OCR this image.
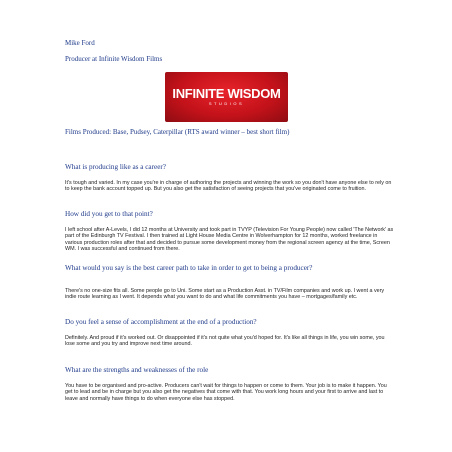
Mike Ford
Producer at Infinite Wisdom Films
INFINITE WISDOM
STUDIOS
Films Produced: Base, Pudsey, Caterpillar (RTS award winner – best short film)
What is producing like as a career?

It's tough and varied. In my case you're in charge of authoring the projects and winning the work so you don't have anyone else to rely on to keep the bank account topped up. But you also get the satisfaction of seeing projects that you've originated come to fruition.

How did you get to that point?

I left school after A-Levels, I did 12 months at University and took part in TVYP (Television For Young People) now called 'The Network' as part of the Edinburgh TV Festival. I then trained at Light House Media Centre in Wolverhampton for 12 months, worked freelance in various production roles after that and decided to pursue some development money from the regional screen agency at the time, Screen WM. I was successful and continued from there.

What would you say is the best career path to take in order to get to being a producer?

There's no one-size fits all. Some people go to Uni. Some start as a Production Asst. in TV/Film companies and work up. I went a very indie route learning as I went. It depends what you want to do and what life commitments you have – mortgages/family etc.

Do you feel a sense of accomplishment at the end of a production?

Definitely. And proud if it's worked out. Or disappointed if it's not quite what you'd hoped for. It's like all things in life, you win some, you lose some and you try and improve next time around.

What are the strengths and weaknesses of the role

You have to be organised and pro-active. Producers can't wait for things to happen or come to them. Your job is to make it happen. You get to lead and be in charge but you also get the negatives that come with that. You work long hours and your first to arrive and last to leave and normally have things to do when everyone else has stopped.
